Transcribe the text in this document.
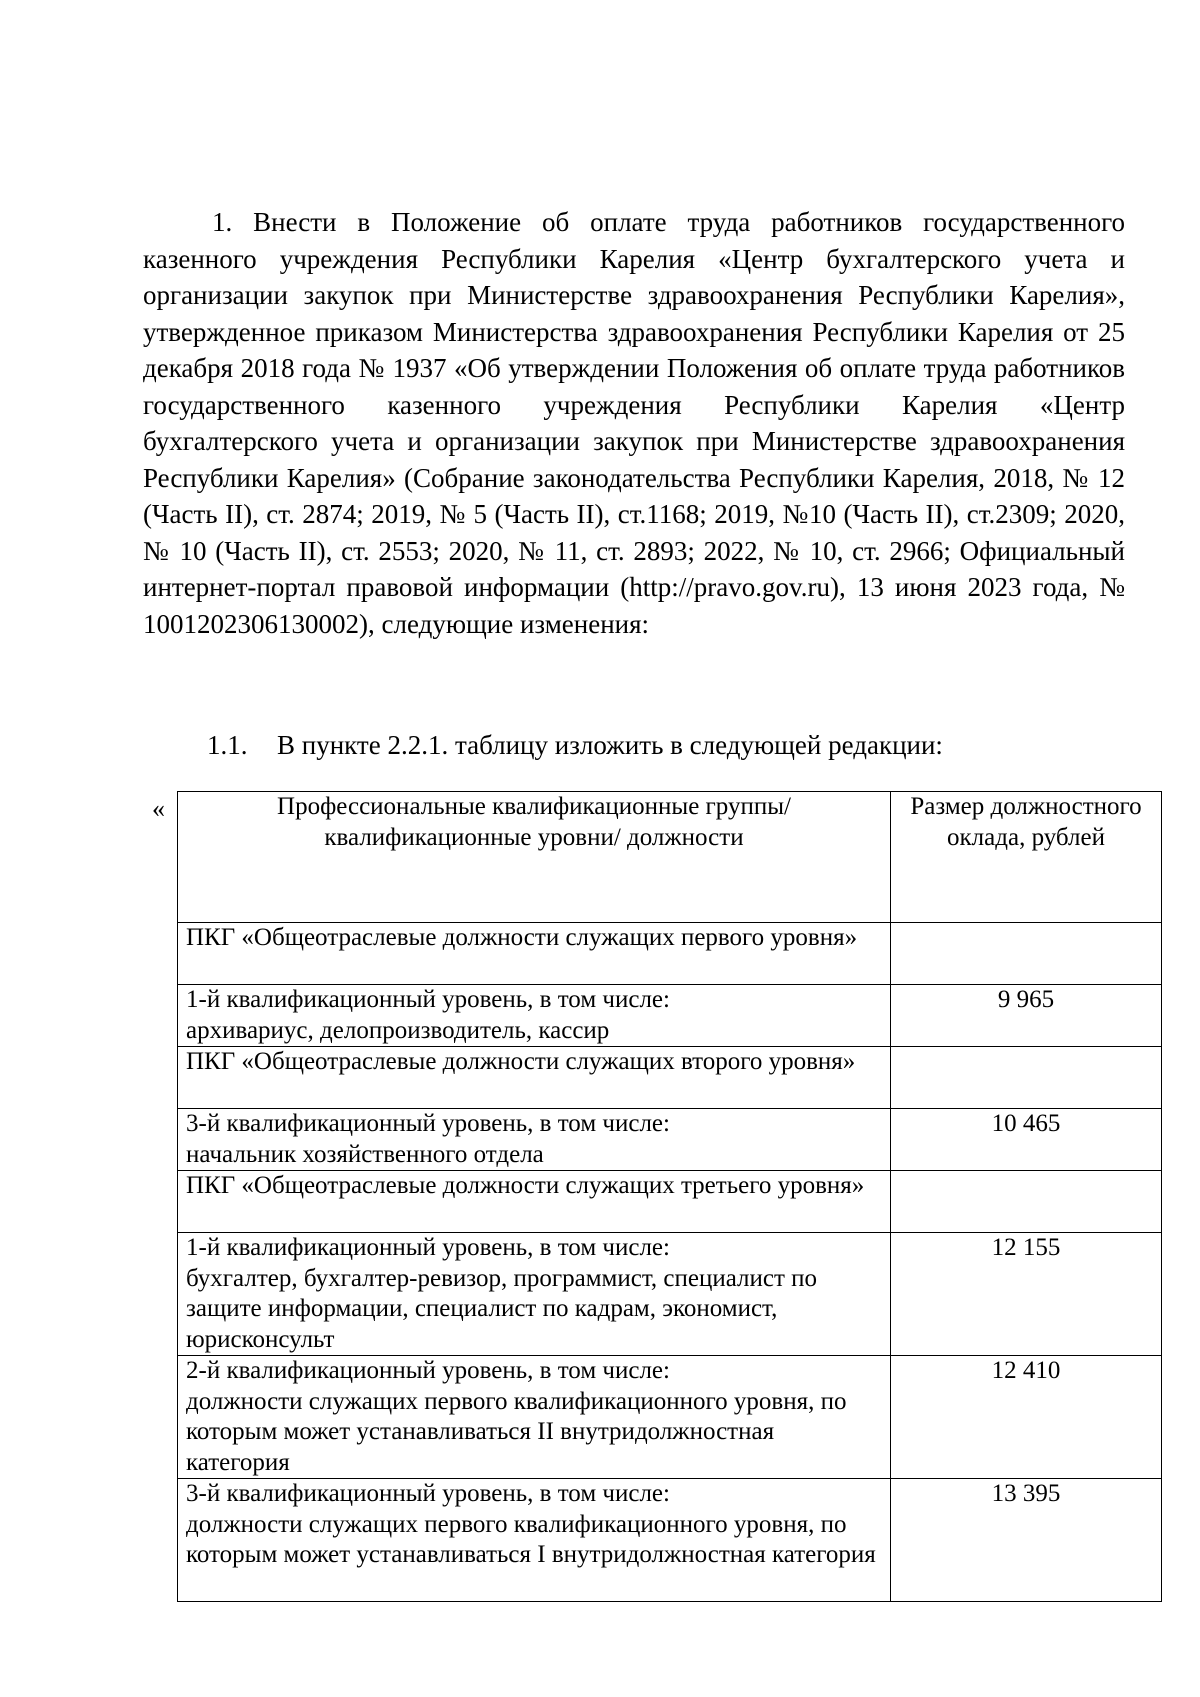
1. Внести в Положение об оплате труда работников государственного казенного учреждения Республики Карелия «Центр бухгалтерского учета и организации закупок при Министерстве здравоохранения Республики Карелия», утвержденное приказом Министерства здравоохранения Республики Карелия от 25 декабря 2018 года № 1937 «Об утверждении Положения об оплате труда работников государственного казенного учреждения Республики Карелия «Центр бухгалтерского учета и организации закупок при Министерстве здравоохранения Республики Карелия» (Собрание законодательства Республики Карелия, 2018, № 12 (Часть II), ст. 2874; 2019, № 5 (Часть II), ст.1168; 2019, №10 (Часть II), ст.2309; 2020, № 10 (Часть II), ст. 2553; 2020, № 11, ст. 2893; 2022, № 10, ст. 2966; Официальный интернет-портал правовой информации (http://pravo.gov.ru), 13 июня 2023 года, № 1001202306130002), следующие изменения:

1.1. В пункте 2.2.1. таблицу изложить в следующей редакции:
«	Профессиональные квалификационные группы/ квалификационные уровни/ должности	Размер должностного оклада, рублей
ПКГ «Общеотраслевые должности служащих первого уровня»	

1-й квалификационный уровень, в том числе:
архивариус, делопроизводитель, кассир	9 965
ПКГ «Общеотраслевые должности служащих второго уровня»	

3-й квалификационный уровень, в том числе:
начальник хозяйственного отдела	10 465
ПКГ «Общеотраслевые должности служащих третьего уровня»	

1-й квалификационный уровень, в том числе:
бухгалтер, бухгалтер-ревизор, программист, специалист по защите информации, специалист по кадрам, экономист, юрисконсульт	12 155

2-й квалификационный уровень, в том числе:
должности служащих первого квалификационного уровня, по которым может устанавливаться II внутридолжностная категория	12 410

3-й квалификационный уровень, в том числе:
должности служащих первого квалификационного уровня, по которым может устанавливаться I внутридолжностная категория	13 395
